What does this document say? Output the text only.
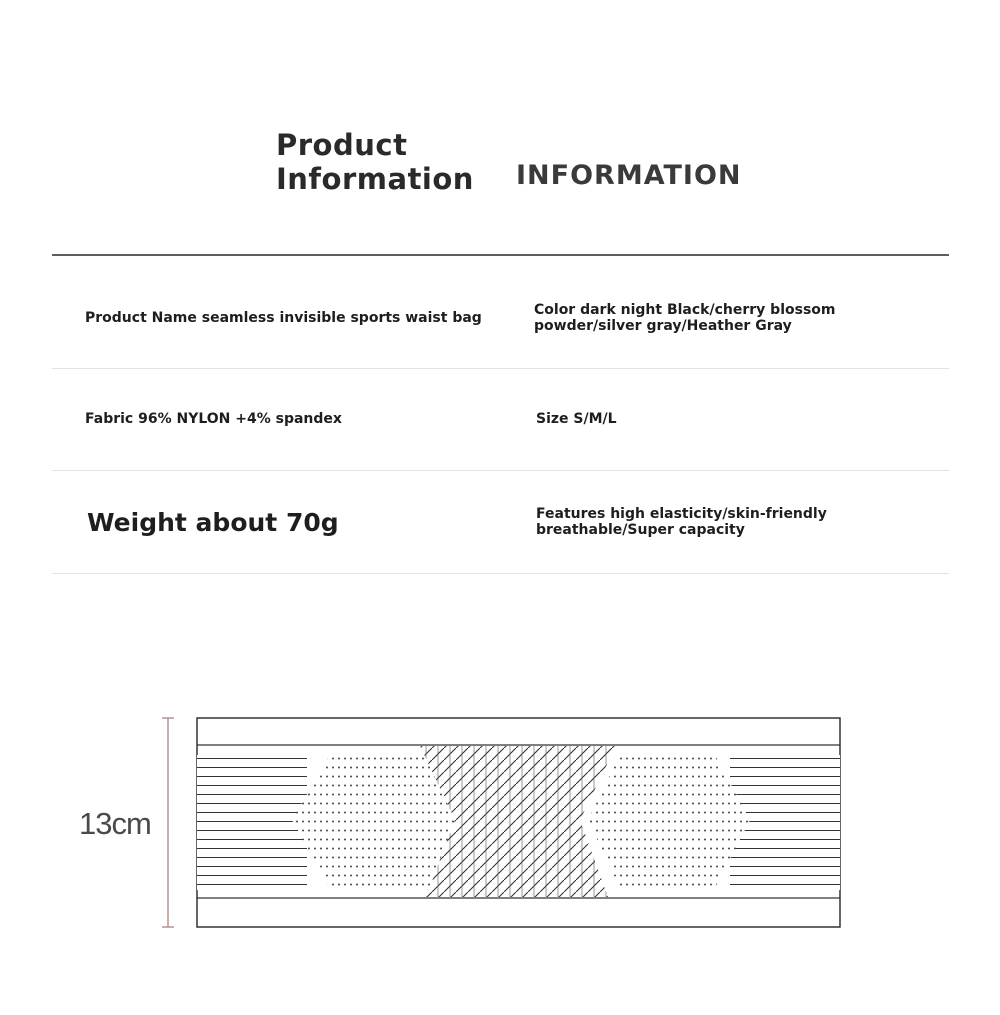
Product
Information INFORMATION
Product Name seamless invisible sports waist bag	Color dark night Black/cherry blossom powder/silver gray/Heather Gray
Fabric 96% NYLON +4% spandex	Size S/M/L
Weight about 70g	Features high elasticity/skin-friendly breathable/Super capacity
13cm
